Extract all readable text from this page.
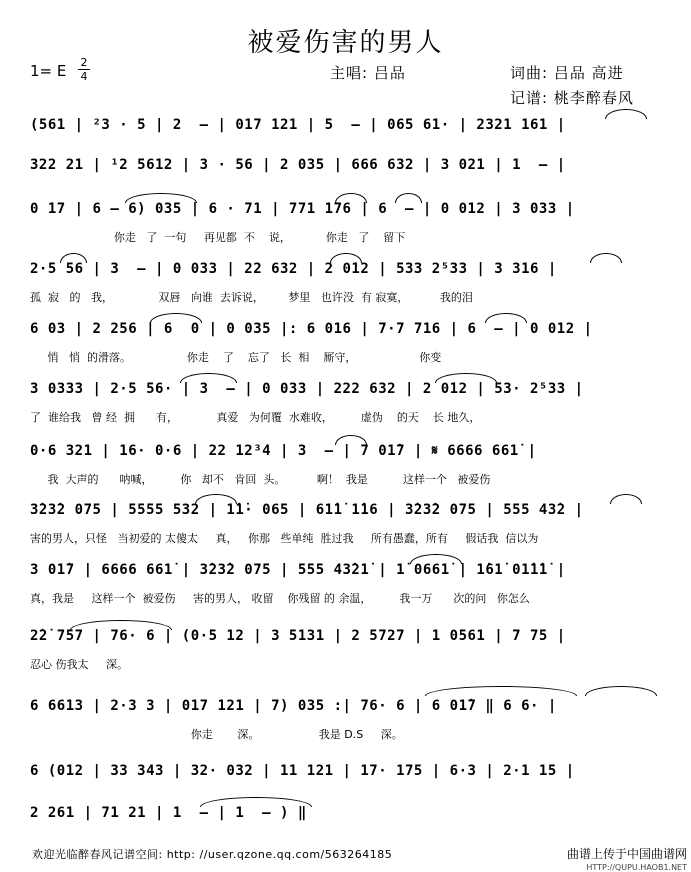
被爱伤害的男人
1= E 2
4	主唱: 吕品	词曲: 吕品 高进
记谱: 桃李醉春风
(561 | ²3 · 5 | 2  – | 017 121 | 5  – | 065 61· | 2321 161 |
322 21 | ¹2 5612 | 3 · 56 | 2 035 | 666 632 | 3 021 | 1  – |
0 17 | 6 – 6) 035 | 6 · 71 | 771 176 | 6  – | 0 012 | 3 033 |
你走   了  一句     再见都  不    说，          你走   了    留下
2·5 56 | 3  – | 0 033 | 22 632 | 2 012 | 533 2⁵33 | 3 316 |
孤  寂   的   我，             双唇   向谁  去诉说，       梦里   也许没  有 寂寞，         我的泪
6 03 | 2 256 | 6  0 | 0 035 |: 6 016 | 7·7 716 | 6  – | 0 012 |
悄   悄  的滑落。                你走    了    忘了   长  相    厮守，                  你变
3 0333 | 2·5 56· | 3  – | 0 033 | 222 632 | 2 012 | 53· 2⁵33 |
了  谁给我   曾 经  拥      有，           真爱   为何覆  水难收，        虚伪    的天    长 地久，
0·6 321 | 16· 0·6 | 22 12³4 | 3  – | 7 01̇7 | 𝄋 6666 661̇ |
我  大声的      呐喊，        你   却不   肯回  头。         啊！  我是          这样一个   被爱伤
3̇23̇2 075 | 5555 532 | 1̇1̇· 065 | 61̇1̇ 1̇16 | 3̇23̇2 075 | 555 43̇2 |
害的男人，只怪   当初爱的 太傻太     真，   你那   些单纯  胜过我     所有愚蠢，所有     假话我  信以为
3 01̇7 | 6666 661̇ | 3̇23̇2 075 | 555 43̇21̇ | 1̇ 0661̇ | 1̇61̇ 01̇1̇1̇ |
真，我是     这样一个  被爱伤     害的男人， 收留    你残留 的 余温，        我一万      次的问   你怎么
2̇2̇ 757 | 76· 6 | (0·5 12 | 3 5131 | 2 5727 | 1 0561 | 7 75 |
忍心 伤我太     深。
6 6613 | 2·3 3 | 017 121 | 7) 035 :| 76· 6 | 6 01̇7 ‖ 6 6· |
你走       深。                 我是 D.S     深。
6 (012 | 33 343 | 32· 032 | 11 121 | 17· 175 | 6·3 | 2·1 15 |
2 261 | 71 21 | 1  – | 1  – ) ‖
欢迎光临醉春风记谱空间: http: //user.qzone.qq.com/563264185	曲谱上传于中国曲谱网
HTTP://QUPU.HAOB1.NET
